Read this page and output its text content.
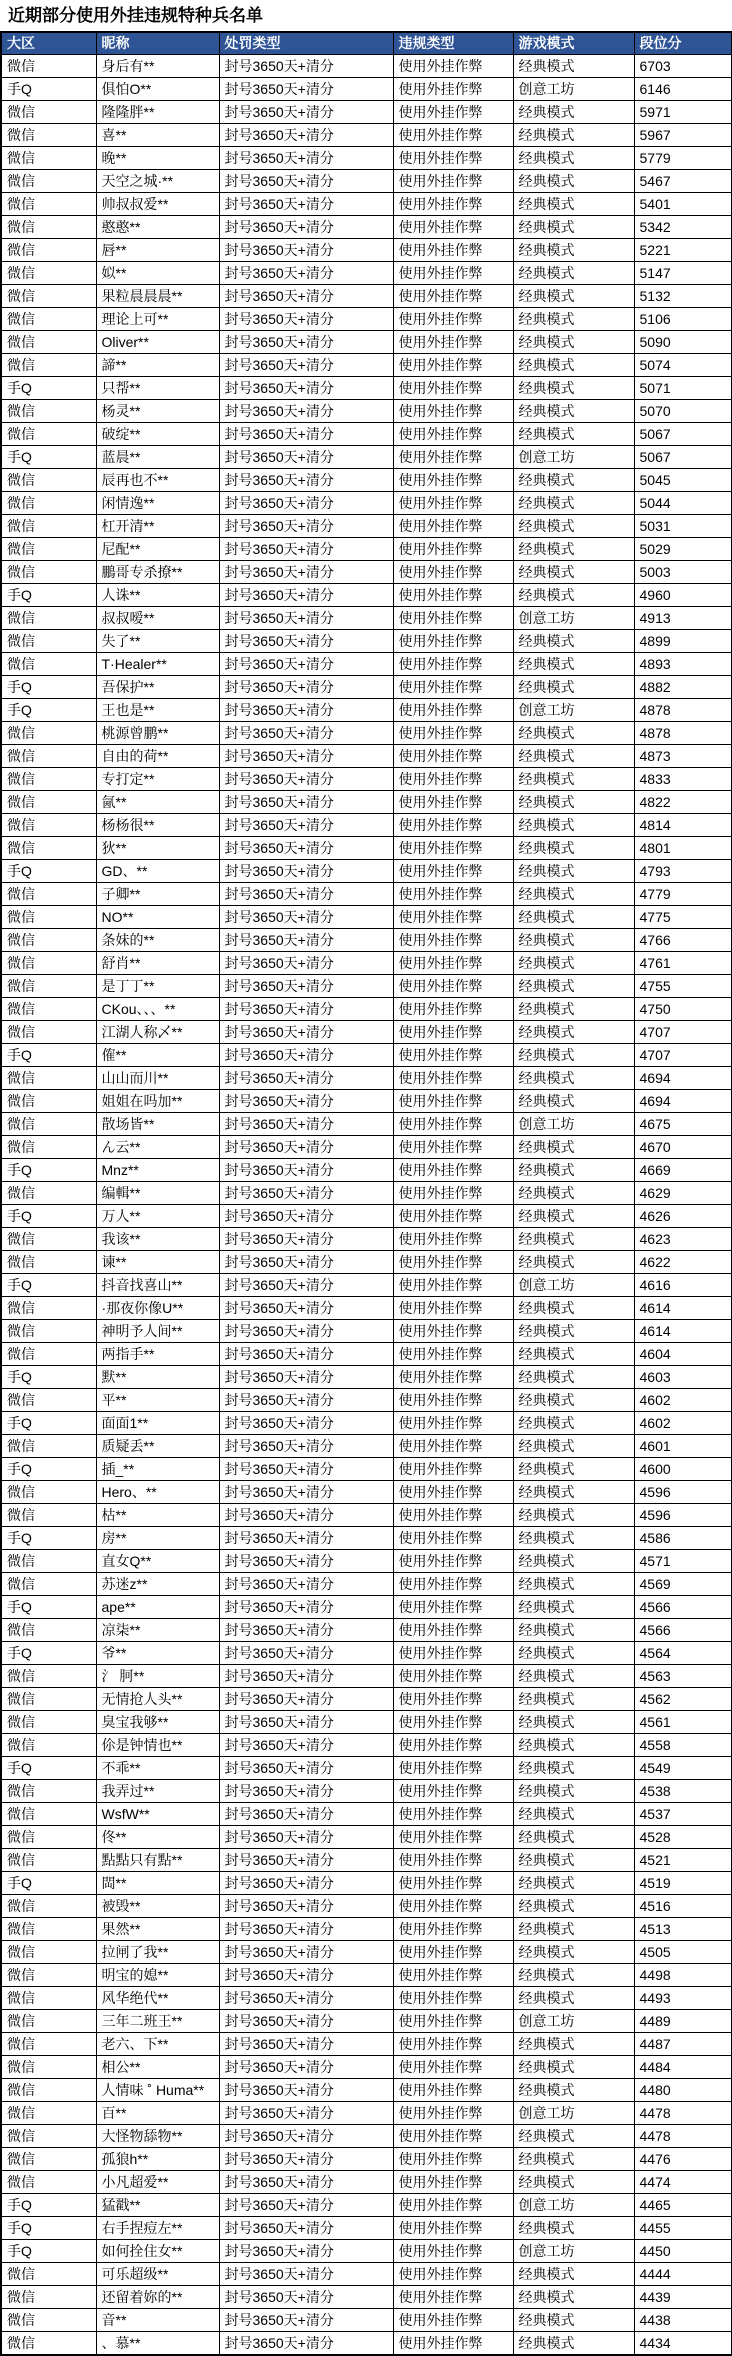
近期部分使用外挂违规特种兵名单
大区	昵称	处罚类型	违规类型	游戏模式	段位分
微信	身后有**	封号3650天+清分	使用外挂作弊	经典模式	6703
手Q	俱怕O**	封号3650天+清分	使用外挂作弊	创意工坊	6146
微信	隆隆胖**	封号3650天+清分	使用外挂作弊	经典模式	5971
微信	喜**	封号3650天+清分	使用外挂作弊	经典模式	5967
微信	晚**	封号3650天+清分	使用外挂作弊	经典模式	5779
微信	天空之城·**	封号3650天+清分	使用外挂作弊	经典模式	5467
微信	帅叔叔爱**	封号3650天+清分	使用外挂作弊	经典模式	5401
微信	憨憨**	封号3650天+清分	使用外挂作弊	经典模式	5342
微信	唇**	封号3650天+清分	使用外挂作弊	经典模式	5221
微信	姒**	封号3650天+清分	使用外挂作弊	经典模式	5147
微信	果粒晨晨晨**	封号3650天+清分	使用外挂作弊	经典模式	5132
微信	理论上可**	封号3650天+清分	使用外挂作弊	经典模式	5106
微信	Oliver**	封号3650天+清分	使用外挂作弊	经典模式	5090
微信	諦**	封号3650天+清分	使用外挂作弊	经典模式	5074
手Q	只帮**	封号3650天+清分	使用外挂作弊	经典模式	5071
微信	杨灵**	封号3650天+清分	使用外挂作弊	经典模式	5070
微信	破绽**	封号3650天+清分	使用外挂作弊	经典模式	5067
手Q	蓝晨**	封号3650天+清分	使用外挂作弊	创意工坊	5067
微信	辰再也不**	封号3650天+清分	使用外挂作弊	经典模式	5045
微信	闲情逸**	封号3650天+清分	使用外挂作弊	经典模式	5044
微信	杠开清**	封号3650天+清分	使用外挂作弊	经典模式	5031
微信	尼配**	封号3650天+清分	使用外挂作弊	经典模式	5029
微信	鵬哥专杀撩**	封号3650天+清分	使用外挂作弊	经典模式	5003
手Q	人诛**	封号3650天+清分	使用外挂作弊	经典模式	4960
微信	叔叔嗳**	封号3650天+清分	使用外挂作弊	创意工坊	4913
微信	失了**	封号3650天+清分	使用外挂作弊	经典模式	4899
微信	T·Healer**	封号3650天+清分	使用外挂作弊	经典模式	4893
手Q	吾保护**	封号3650天+清分	使用外挂作弊	经典模式	4882
手Q	王也是**	封号3650天+清分	使用外挂作弊	创意工坊	4878
微信	桃源曾鹏**	封号3650天+清分	使用外挂作弊	经典模式	4878
微信	自由的荷**	封号3650天+清分	使用外挂作弊	经典模式	4873
微信	专打定**	封号3650天+清分	使用外挂作弊	经典模式	4833
微信	氤**	封号3650天+清分	使用外挂作弊	经典模式	4822
微信	杨杨很**	封号3650天+清分	使用外挂作弊	经典模式	4814
微信	狄**	封号3650天+清分	使用外挂作弊	经典模式	4801
手Q	GD、**	封号3650天+清分	使用外挂作弊	经典模式	4793
微信	子卿**	封号3650天+清分	使用外挂作弊	经典模式	4779
微信	NO**	封号3650天+清分	使用外挂作弊	经典模式	4775
微信	条妹的**	封号3650天+清分	使用外挂作弊	经典模式	4766
微信	舒肖**	封号3650天+清分	使用外挂作弊	经典模式	4761
微信	是丁丁**	封号3650天+清分	使用外挂作弊	经典模式	4755
微信	CKou、、、**	封号3650天+清分	使用外挂作弊	经典模式	4750
微信	江湖人称乄**	封号3650天+清分	使用外挂作弊	经典模式	4707
手Q	傕**	封号3650天+清分	使用外挂作弊	经典模式	4707
微信	山山而川**	封号3650天+清分	使用外挂作弊	经典模式	4694
微信	姐姐在吗加**	封号3650天+清分	使用外挂作弊	经典模式	4694
微信	散场皆**	封号3650天+清分	使用外挂作弊	创意工坊	4675
微信	ん云**	封号3650天+清分	使用外挂作弊	经典模式	4670
手Q	Mnz**	封号3650天+清分	使用外挂作弊	经典模式	4669
微信	编輯**	封号3650天+清分	使用外挂作弊	经典模式	4629
手Q	万人**	封号3650天+清分	使用外挂作弊	经典模式	4626
微信	我该**	封号3650天+清分	使用外挂作弊	经典模式	4623
微信	谏**	封号3650天+清分	使用外挂作弊	经典模式	4622
手Q	抖音找喜山**	封号3650天+清分	使用外挂作弊	创意工坊	4616
微信	·那夜你像U**	封号3650天+清分	使用外挂作弊	经典模式	4614
微信	神明予人间**	封号3650天+清分	使用外挂作弊	经典模式	4614
微信	两指手**	封号3650天+清分	使用外挂作弊	经典模式	4604
手Q	默**	封号3650天+清分	使用外挂作弊	经典模式	4603
微信	平**	封号3650天+清分	使用外挂作弊	经典模式	4602
手Q	面面1**	封号3650天+清分	使用外挂作弊	经典模式	4602
微信	质疑丢**	封号3650天+清分	使用外挂作弊	经典模式	4601
手Q	插_**	封号3650天+清分	使用外挂作弊	经典模式	4600
微信	Hero、**	封号3650天+清分	使用外挂作弊	经典模式	4596
微信	枯**	封号3650天+清分	使用外挂作弊	经典模式	4596
手Q	房**	封号3650天+清分	使用外挂作弊	经典模式	4586
微信	直女Q**	封号3650天+清分	使用外挂作弊	经典模式	4571
微信	苏迷z**	封号3650天+清分	使用外挂作弊	经典模式	4569
手Q	ape**	封号3650天+清分	使用外挂作弊	经典模式	4566
微信	凉柒**	封号3650天+清分	使用外挂作弊	经典模式	4566
手Q	爷**	封号3650天+清分	使用外挂作弊	经典模式	4564
微信	氵 胢**	封号3650天+清分	使用外挂作弊	经典模式	4563
微信	无情抢人头**	封号3650天+清分	使用外挂作弊	经典模式	4562
微信	臭宝我够**	封号3650天+清分	使用外挂作弊	经典模式	4561
微信	伱是钟情也**	封号3650天+清分	使用外挂作弊	经典模式	4558
手Q	不乖**	封号3650天+清分	使用外挂作弊	经典模式	4549
微信	我弄过**	封号3650天+清分	使用外挂作弊	经典模式	4538
微信	WsfW**	封号3650天+清分	使用外挂作弊	经典模式	4537
微信	佟**	封号3650天+清分	使用外挂作弊	经典模式	4528
微信	點點只有點**	封号3650天+清分	使用外挂作弊	经典模式	4521
手Q	閊**	封号3650天+清分	使用外挂作弊	经典模式	4519
微信	被毁**	封号3650天+清分	使用外挂作弊	经典模式	4516
微信	果然**	封号3650天+清分	使用外挂作弊	经典模式	4513
微信	拉闸了我**	封号3650天+清分	使用外挂作弊	经典模式	4505
微信	明宝的媳**	封号3650天+清分	使用外挂作弊	经典模式	4498
微信	风华绝代**	封号3650天+清分	使用外挂作弊	经典模式	4493
微信	三年二班王**	封号3650天+清分	使用外挂作弊	创意工坊	4489
微信	老六、下**	封号3650天+清分	使用外挂作弊	经典模式	4487
微信	相公**	封号3650天+清分	使用外挂作弊	经典模式	4484
微信	人情味 ˚ Huma**	封号3650天+清分	使用外挂作弊	经典模式	4480
微信	百**	封号3650天+清分	使用外挂作弊	创意工坊	4478
微信	大怪物舔物**	封号3650天+清分	使用外挂作弊	经典模式	4478
微信	孤狼h**	封号3650天+清分	使用外挂作弊	经典模式	4476
微信	小凡超爱**	封号3650天+清分	使用外挂作弊	经典模式	4474
手Q	猛戳**	封号3650天+清分	使用外挂作弊	创意工坊	4465
手Q	右手捏痘左**	封号3650天+清分	使用外挂作弊	经典模式	4455
手Q	如何拴住女**	封号3650天+清分	使用外挂作弊	创意工坊	4450
微信	可乐超级**	封号3650天+清分	使用外挂作弊	经典模式	4444
微信	还留着妳的**	封号3650天+清分	使用外挂作弊	经典模式	4439
微信	音**	封号3650天+清分	使用外挂作弊	经典模式	4438
微信	、慕**	封号3650天+清分	使用外挂作弊	经典模式	4434
